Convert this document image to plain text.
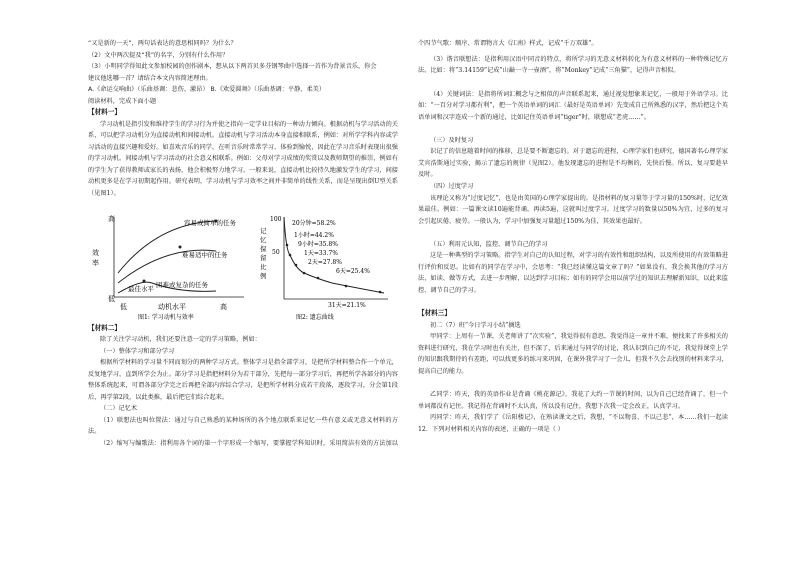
“又是新的一天”，两句话表达的意思相同吗？为什么？
（2）文中两次提及“我”的名字，分别有什么作用？
（3）小明同学得知此文参加校园的创作剧本，想从以下两首贝多芬钢琴曲中选择一首作为背景音乐，你会
建议他选哪一首？请结合本文内容简述理由。
A.《命运交响曲》（乐曲基调：悲伤、激昂） B.《欢爱圆舞》（乐曲基调：平静、柔美）
阅读材料，完成下面小题
【材料一】
学习动机是指引发和维持学生的学习行为并使之指向一定学业目标的一种动力倾向。根据动机与学习活动的关系，可以把学习动机分为直接动机和间接动机。直接动机与学习活动本身直接相联系，例如：对所学学科内容或学习活动的直接兴趣和爱好。如喜欢音乐的同学，在听音乐时常常学习、体验到愉悦，因此在学习音乐时表现出很强的学习动机。间接动机与学习活动的社会意义相联系。例如：父母对学习成绩的奖赏以及教师期望的推崇，例如有的学生为了获得教师或家长的表扬，他会积极努力地学习。一般来说，直接动机比较持久地激发学生的学习，间接动机更多是在学习初期起作用。研究表明，学习动机与学习效率之间并非简单的线性关系，而是呈现出倒U型关系（见图1）。
高
效
率
低
低	动机水平	高
容易或简单的任务
难易适中的任务
困难或复杂的任务
最佳水平
图1: 学习动机与效率
记
忆
保
留
比
例
100
50
20分钟=58.2%
1小时=44.2%
9小时=35.8%
1天=33.7%
2天=27.8%
6天=25.4%
31天=21.1%
图2: 遗忘曲线
【材料二】
除了关注学习动机，我们还要注意一定的学习策略，例如：
（一）整体学习和部分学习
根据所学材料的学习量不同而划分的两种学习方式。整体学习是指全部学习，是把所学材料整合作一个单元，反复地学习，直到所学会为止。部分学习是指把材料分为若干部分，先把每一部分学习后，再把所学各部分的内容整体系统起来，可谓各部分学完之后再把全部内容综合学习，是把所学材料分成若干段落，逐段学习，分会第1段后，再学第2段，以此类推，最后把它们综合起来。
（二）记忆术
（1）联想法也叫位置法：通过与自己熟悉的某种场所的各个地点联系来记忆一些有意义或无意义材料的方法。
（2）缩写与编歌法：指利用各个词的第一个字形成一个缩写，要掌握学科知识时，采用简洁有效的方法加以
个四节气歌：顺序、常谓物言大《江南》样式，记成“千万双雄”。
（3）谐音联想法：是指利用汉语中同音的特点，将所学习的无意义材料转化为有意义材料的一种特殊记忆方法。比如：将“3.14159”记成“山巅一寺一壶酒”，将“Monkey”记成“三角猫”，记得声音相似。
（4）关键词法：是指将所词汇概念与之相似的声音联系起来，通过视觉想象来记忆，一般用于外语学习。比如：“一百分对学习都有利”，把一个英语单词的词汇（最好是英语单词）先变成自己所熟悉的汉字，然后把这个英语单词和汉字连成一个新的通过，比如记住英语单词“tiger”时，联想成“老虎……”。
（三）及时复习
识记了的信息随着时间的推移，总是要不断遗忘的。对于遗忘的进程，心理学家们也研究，德国著名心理学家艾宾浩斯通过实验，揭示了遗忘的规律（见图2）。他发现遗忘的进程是不均衡的，先快后慢。所以，复习要趁早及时。
（四）过度学习
该理论又称为“过度记忆”，也是由美国的心理学家提出的。是指材料的复习量等于学习量的150%时，记忆效果最佳。例如：一篇课文读10遍能背诵，再读5遍，这就叫过度学习。过度学习的数量以50%为宜，过多的复习会引起厌倦、疲劳。一般认为，学习中加强复习量超过150%为佳，其效果也最好。
（五）利用元认知，监控、调节自己的学习
这是一种典型的学习策略。指学生对自己的认知过程，对学习的有效性和组织结构，以及所使用的有效策略进行评价和反思。比如有的同学在学习中，会思考：“我已经读懂这篇文章了吗？”如果没有，我会换其他的学习方法，如读、做等方式，去进一步理解，以达到学习目标；如有的同学会用以前学过的知识去理解新知识，以此来监控、调节自己的学习。
【材料三】
初二（7）班“今日学习小结”摘选
甲同学：上周有一节课，关老师讲了“次实验”，我觉得很有意思，我觉得这一章并不难，便找来了许多相关的资料进行研究，我在学习时也有关注，但不深了，后来通过与同学的讨论，我认识到自己的不足，我觉得课堂上学的知识跟我期待的有差距，可以找更多的练习来巩固，在课外我学习了一会儿，但我不久会去找别的材料来学习，提高自己的能力。
乙同学：昨天，我的英语作业是背诵《桃花源记》，我花了大约一节课的时间，以为自己已经背诵了，但一个单词都没有记住。我记得在背诵时不太认真，所以没有记住，我想下次我一定会改正，认真学习。
丙同学：昨天，我们学了《岳阳楼记》，在熟读课文之后，我想，“不以物喜，不以己悲”，本……我们一起读
12．下列对材料相关内容的表述，正确的一项是（ ）
